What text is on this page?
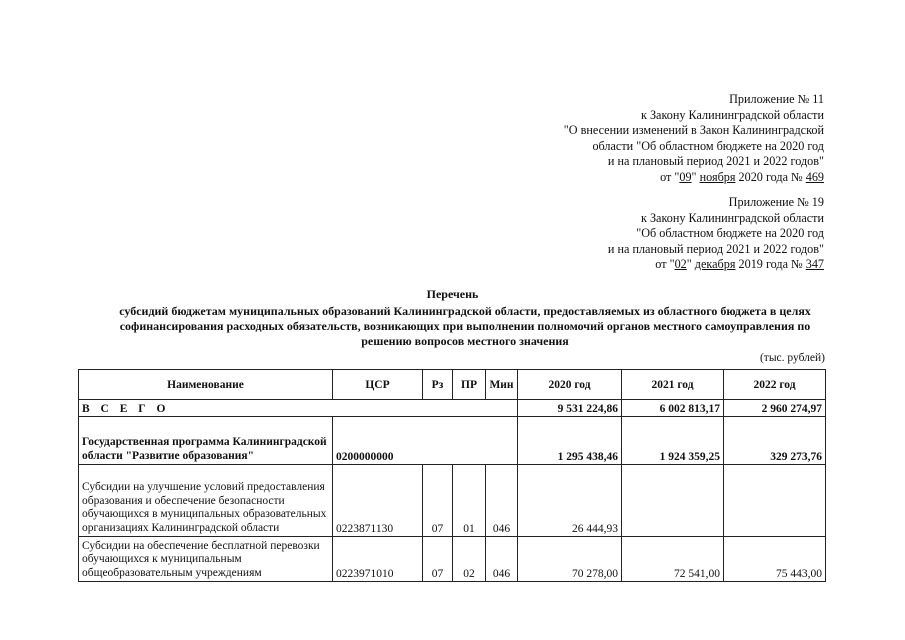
Приложение № 11
к Закону Калининградской области
"О внесении изменений в Закон Калининградской
области "Об областном бюджете на 2020 год
и на плановый период 2021 и 2022 годов"
от "09" ноября 2020 года № 469
Приложение № 19
к Закону Калининградской области
"Об областном бюджете на 2020 год
и на плановый период 2021 и 2022 годов"
от "02" декабря 2019 года № 347
Перечень
субсидий бюджетам муниципальных образований Калининградской области, предоставляемых из областного бюджета в целях софинансирования расходных обязательств, возникающих при выполнении полномочий органов местного самоуправления по решению вопросов местного значения
(тыс. рублей)
Наименование	ЦСР	Рз	ПР	Мин	2020 год	2021 год	2022 год
В С Е Г О					9 531 224,86	6 002 813,17	2 960 274,97
Государственная программа Калининградской области "Развитие образования"	0200000000				1 295 438,46	1 924 359,25	329 273,76
Субсидии на улучшение условий предоставления образования и обеспечение безопасности обучающихся в муниципальных образовательных организациях Калининградской области	0223871130	07	01	046	26 444,93		
Субсидии на обеспечение бесплатной перевозки обучающихся к муниципальным общеобразовательным учреждениям	0223971010	07	02	046	70 278,00	72 541,00	75 443,00
